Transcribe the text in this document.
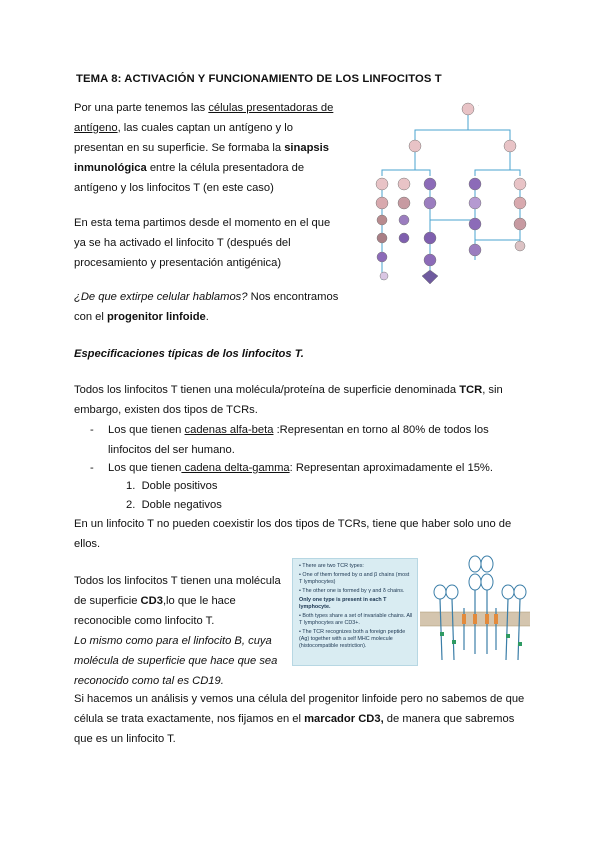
TEMA 8: ACTIVACIÓN Y FUNCIONAMIENTO DE LOS LINFOCITOS T
Por una parte tenemos las células presentadoras de
antígeno, las cuales captan un antígeno y lo
presentan en su superficie. Se formaba la sinapsis
inmunológica entre la célula presentadora de
antígeno y los linfocitos T (en este caso)
En esta tema partimos desde el momento en el que
ya se ha activado el linfocito T (después del
procesamiento y presentación antigénica)
¿De que extirpe celular hablamos? Nos encontramos
con el progenitor linfoide.
.
Especificaciones típicas de los linfocitos T.
Todos los linfocitos T tienen una molécula/proteína de superficie denominada TCR, sin
embargo, existen dos tipos de TCRs.
- Los que tienen cadenas alfa-beta :Representan en torno al 80% de todos los
linfocitos del ser humano.
- Los que tienen cadena delta-gamma: Representan aproximadamente el 15%.
1. Doble positivos
2. Doble negativos
En un linfocito T no pueden coexistir los dos tipos de TCRs, tiene que haber solo uno de
ellos.
Todos los linfocitos T tienen una molécula
de superficie CD3,lo que le hace
reconocible como linfocito T.
Lo mismo como para el linfocito B, cuya
molécula de superficie que hace que sea
reconocido como tal es CD19.
• There are two TCR types:
• One of them formed by α and β chains (most T lymphocytes)
• The other one is formed by γ and δ chains.
Only one type is present in each T lymphocyte.
• Both types share a set of invariable chains. All T lymphocytes are CD3+.
• The TCR recognizes both a foreign peptide (Ag) together with a self MHC molecule (histocompatible restriction).
Si hacemos un análisis y vemos una célula del progenitor linfoide pero no sabemos de que
célula se trata exactamente, nos fijamos en el marcador CD3, de manera que sabremos
que es un linfocito T.
